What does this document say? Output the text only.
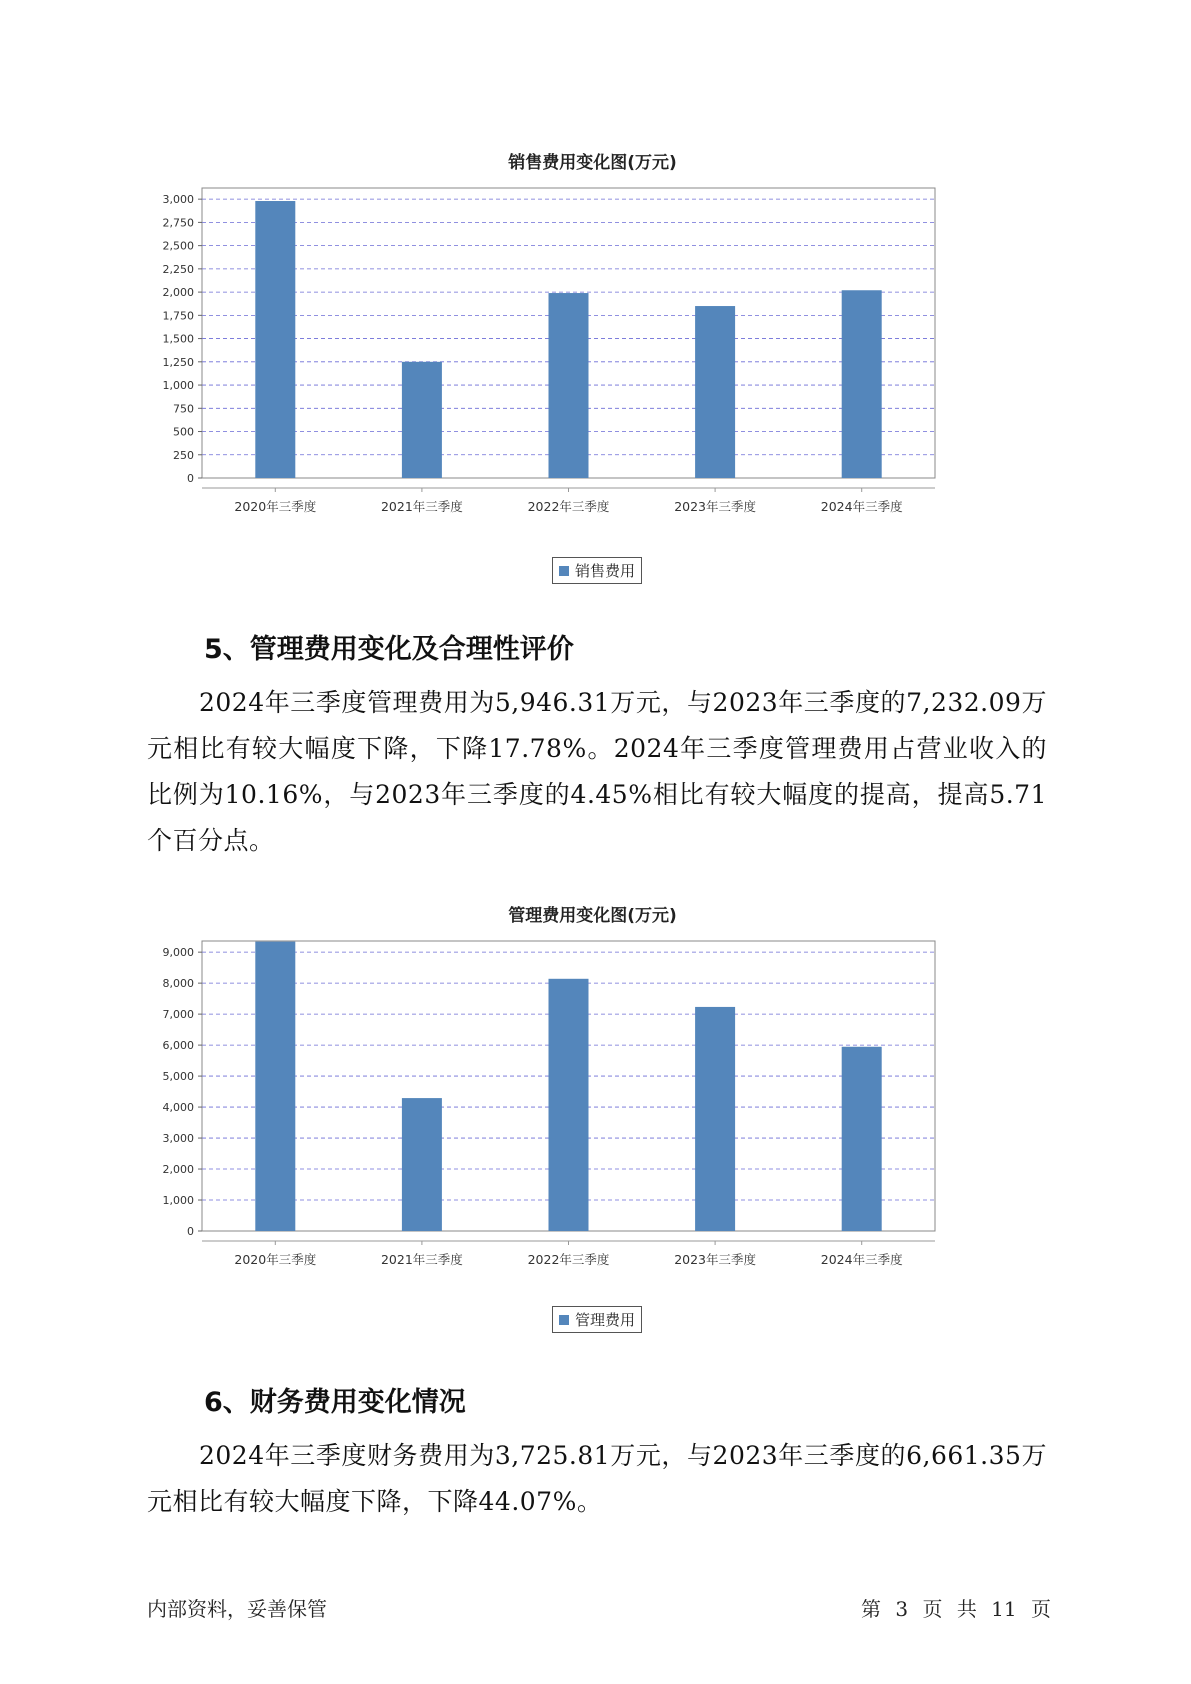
销售费用变化图(万元)
0
250
500
750
1,000
1,250
1,500
1,750
2,000
2,250
2,500
2,750
3,000
2020年三季度	2021年三季度	2022年三季度	2023年三季度	2024年三季度
销售费用
5、管理费用变化及合理性评价

2024年三季度管理费用为5,946.31万元，与2023年三季度的7,232.09万元相比有较大幅度下降，下降17.78%。2024年三季度管理费用占营业收入的比例为10.16%，与2023年三季度的4.45%相比有较大幅度的提高，提高5.71个百分点。

管理费用变化图(万元)
0
1,000
2,000
3,000
4,000
5,000
6,000
7,000
8,000
9,000
2020年三季度	2021年三季度	2022年三季度	2023年三季度	2024年三季度
管理费用
6、财务费用变化情况

2024年三季度财务费用为3,725.81万元，与2023年三季度的6,661.35万元相比有较大幅度下降，下降44.07%。

内部资料，妥善保管	第 3 页 共 11 页
